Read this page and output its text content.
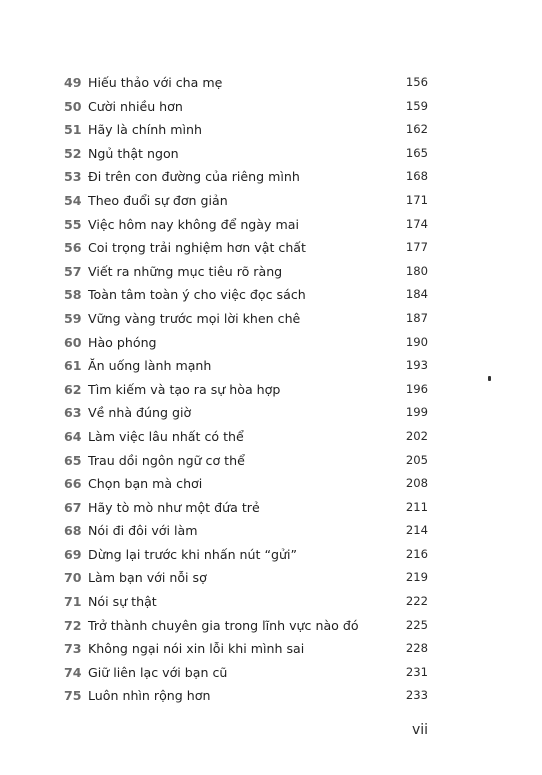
49 Hiếu thảo với cha mẹ	156
50 Cười nhiều hơn	159
51 Hãy là chính mình	162
52 Ngủ thật ngon	165
53 Đi trên con đường của riêng mình	168
54 Theo đuổi sự đơn giản	171
55 Việc hôm nay không để ngày mai	174
56 Coi trọng trải nghiệm hơn vật chất	177
57 Viết ra những mục tiêu rõ ràng	180
58 Toàn tâm toàn ý cho việc đọc sách	184
59 Vững vàng trước mọi lời khen chê	187
60 Hào phóng	190
61 Ăn uống lành mạnh	193
62 Tìm kiếm và tạo ra sự hòa hợp	196
63 Về nhà đúng giờ	199
64 Làm việc lâu nhất có thể	202
65 Trau dồi ngôn ngữ cơ thể	205
66 Chọn bạn mà chơi	208
67 Hãy tò mò như một đứa trẻ	211
68 Nói đi đôi với làm	214
69 Dừng lại trước khi nhấn nút “gửi”	216
70 Làm bạn với nỗi sợ	219
71 Nói sự thật	222
72 Trở thành chuyên gia trong lĩnh vực nào đó	225
73 Không ngại nói xin lỗi khi mình sai	228
74 Giữ liên lạc với bạn cũ	231
75 Luôn nhìn rộng hơn	233
vii
